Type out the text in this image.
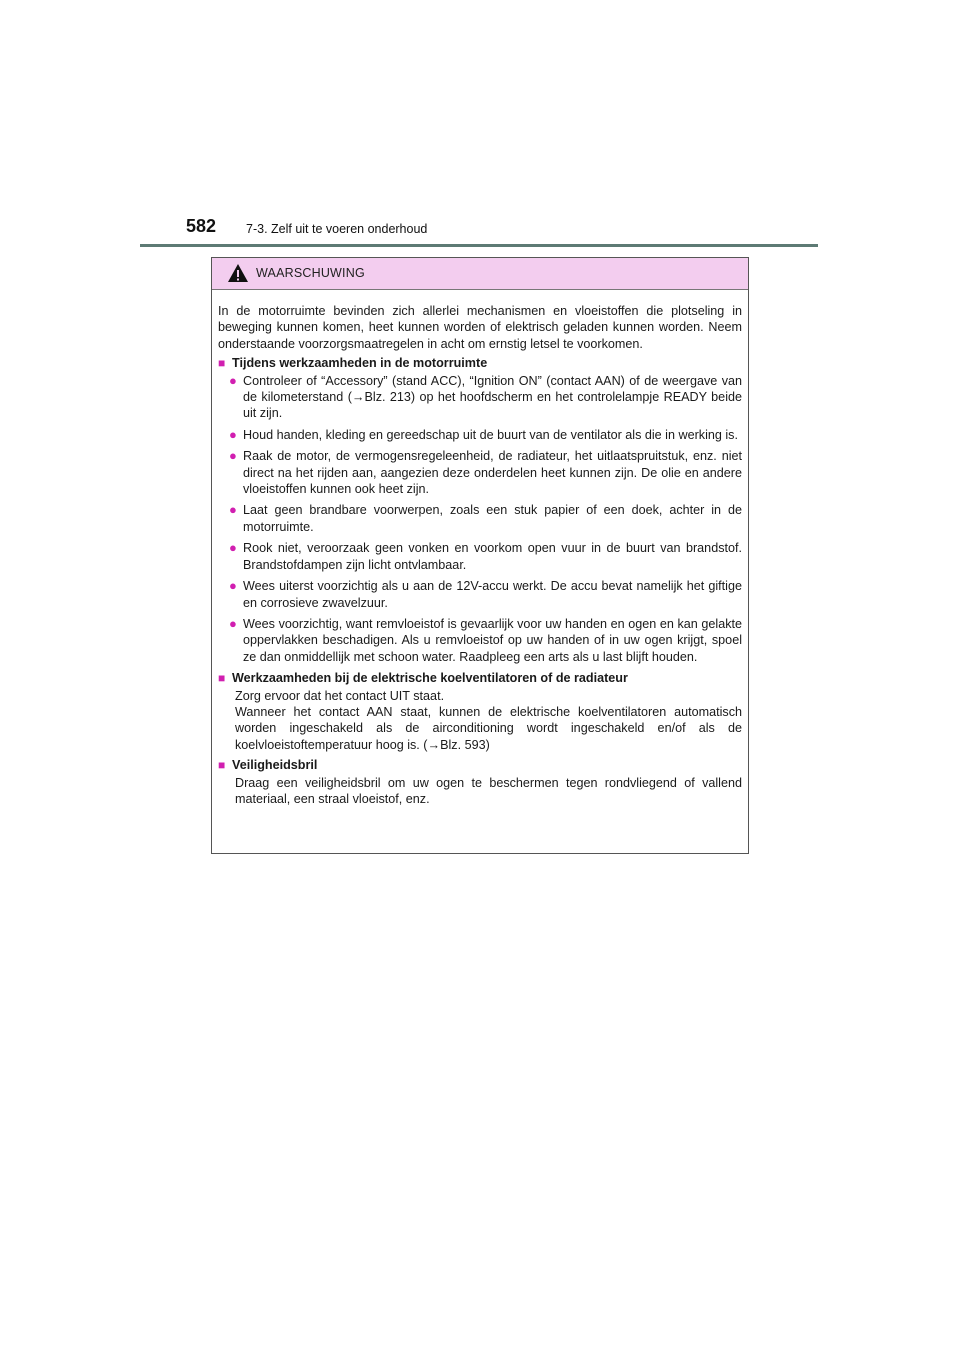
582 7-3. Zelf uit te voeren onderhoud
WAARSCHUWING

In de motorruimte bevinden zich allerlei mechanismen en vloeistoffen die plotseling in beweging kunnen komen, heet kunnen worden of elektrisch geladen kunnen worden. Neem onderstaande voorzorgsmaatregelen in acht om ernstig letsel te voorkomen.

■ Tijdens werkzaamheden in de motorruimte
● Controleer of “Accessory” (stand ACC), “Ignition ON” (contact AAN) of de weergave van de kilometerstand (→Blz. 213) op het hoofdscherm en het controlelampje READY beide uit zijn.
● Houd handen, kleding en gereedschap uit de buurt van de ventilator als die in werking is.
● Raak de motor, de vermogensregeleenheid, de radiateur, het uitlaatspruitstuk, enz. niet direct na het rijden aan, aangezien deze onderdelen heet kunnen zijn. De olie en andere vloeistoffen kunnen ook heet zijn.
● Laat geen brandbare voorwerpen, zoals een stuk papier of een doek, achter in de motorruimte.
● Rook niet, veroorzaak geen vonken en voorkom open vuur in de buurt van brandstof. Brandstofdampen zijn licht ontvlambaar.
● Wees uiterst voorzichtig als u aan de 12V-accu werkt. De accu bevat namelijk het giftige en corrosieve zwavelzuur.
● Wees voorzichtig, want remvloeistof is gevaarlijk voor uw handen en ogen en kan gelakte oppervlakken beschadigen. Als u remvloeistof op uw handen of in uw ogen krijgt, spoel ze dan onmiddellijk met schoon water. Raadpleeg een arts als u last blijft houden.
■ Werkzaamheden bij de elektrische koelventilatoren of de radiateur

Zorg ervoor dat het contact UIT staat.

Wanneer het contact AAN staat, kunnen de elektrische koelventilatoren automatisch worden ingeschakeld als de airconditioning wordt ingeschakeld en/of als de koelvloeistoftemperatuur hoog is. (→Blz. 593)

■ Veiligheidsbril

Draag een veiligheidsbril om uw ogen te beschermen tegen rondvliegend of vallend materiaal, een straal vloeistof, enz.
